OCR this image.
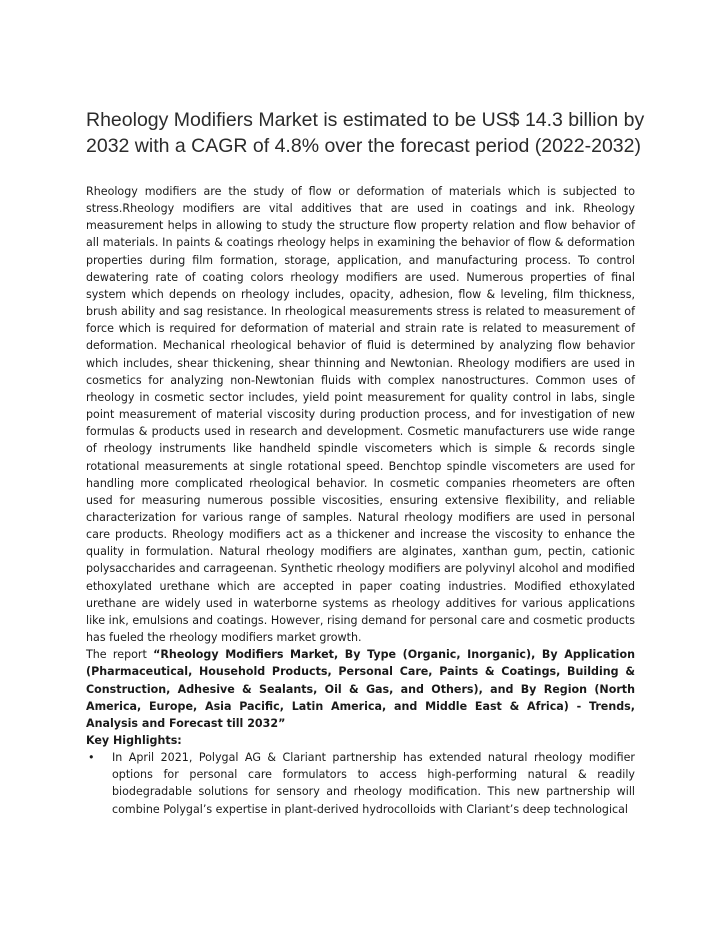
Rheology Modifiers Market is estimated to be US$ 14.3 billion by 2032 with a CAGR of 4.8% over the forecast period (2022-2032)

Rheology modifiers are the study of flow or deformation of materials which is subjected to stress.Rheology modifiers are vital additives that are used in coatings and ink. Rheology measurement helps in allowing to study the structure flow property relation and flow behavior of all materials. In paints & coatings rheology helps in examining the behavior of flow & deformation properties during film formation, storage, application, and manufacturing process. To control dewatering rate of coating colors rheology modifiers are used. Numerous properties of final system which depends on rheology includes, opacity, adhesion, flow & leveling, film thickness, brush ability and sag resistance. In rheological measurements stress is related to measurement of force which is required for deformation of material and strain rate is related to measurement of deformation. Mechanical rheological behavior of fluid is determined by analyzing flow behavior which includes, shear thickening, shear thinning and Newtonian. Rheology modifiers are used in cosmetics for analyzing non-Newtonian fluids with complex nanostructures. Common uses of rheology in cosmetic sector includes, yield point measurement for quality control in labs, single point measurement of material viscosity during production process, and for investigation of new formulas & products used in research and development. Cosmetic manufacturers use wide range of rheology instruments like handheld spindle viscometers which is simple & records single rotational measurements at single rotational speed. Benchtop spindle viscometers are used for handling more complicated rheological behavior. In cosmetic companies rheometers are often used for measuring numerous possible viscosities, ensuring extensive flexibility, and reliable characterization for various range of samples. Natural rheology modifiers are used in personal care products. Rheology modifiers act as a thickener and increase the viscosity to enhance the quality in formulation. Natural rheology modifiers are alginates, xanthan gum, pectin, cationic polysaccharides and carrageenan. Synthetic rheology modifiers are polyvinyl alcohol and modified ethoxylated urethane which are accepted in paper coating industries. Modified ethoxylated urethane are widely used in waterborne systems as rheology additives for various applications like ink, emulsions and coatings. However, rising demand for personal care and cosmetic products has fueled the rheology modifiers market growth.

The report “Rheology Modifiers Market, By Type (Organic, Inorganic), By Application (Pharmaceutical, Household Products, Personal Care, Paints & Coatings, Building & Construction, Adhesive & Sealants, Oil & Gas, and Others), and By Region (North America, Europe, Asia Pacific, Latin America, and Middle East & Africa) - Trends, Analysis and Forecast till 2032”

Key Highlights:

• In April 2021, Polygal AG & Clariant partnership has extended natural rheology modifier options for personal care formulators to access high-performing natural & readily biodegradable solutions for sensory and rheology modification. This new partnership will combine Polygal’s expertise in plant-derived hydrocolloids with Clariant’s deep technological
